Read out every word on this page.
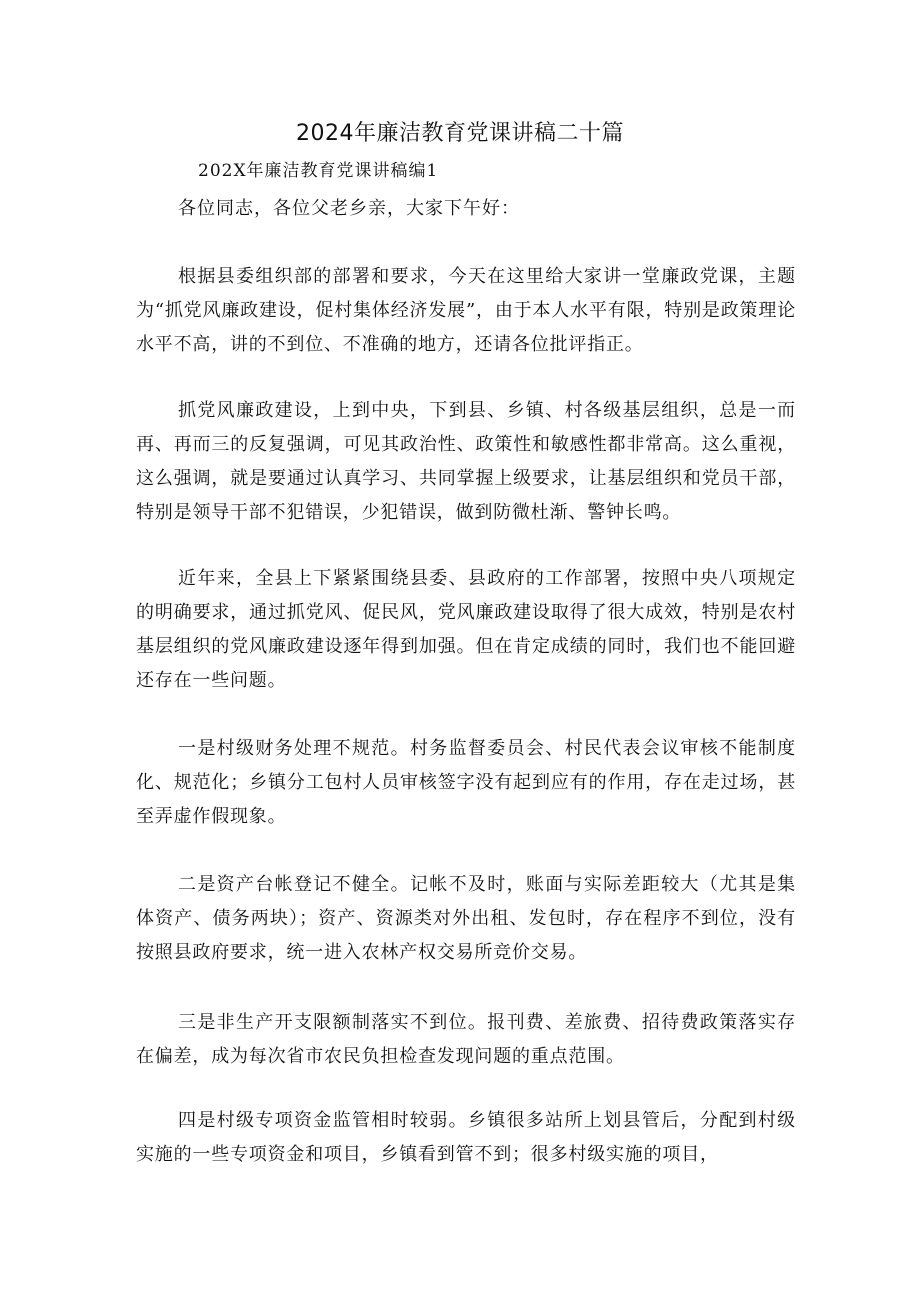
2024年廉洁教育党课讲稿二十篇
202X年廉洁教育党课讲稿编1
各位同志，各位父老乡亲，大家下午好：

根据县委组织部的部署和要求，今天在这里给大家讲一堂廉政党课，主题为“抓党风廉政建设，促村集体经济发展”，由于本人水平有限，特别是政策理论水平不高，讲的不到位、不准确的地方，还请各位批评指正。

抓党风廉政建设，上到中央，下到县、乡镇、村各级基层组织，总是一而再、再而三的反复强调，可见其政治性、政策性和敏感性都非常高。这么重视，这么强调，就是要通过认真学习、共同掌握上级要求，让基层组织和党员干部，特别是领导干部不犯错误，少犯错误，做到防微杜渐、警钟长鸣。

近年来，全县上下紧紧围绕县委、县政府的工作部署，按照中央八项规定的明确要求，通过抓党风、促民风，党风廉政建设取得了很大成效，特别是农村基层组织的党风廉政建设逐年得到加强。但在肯定成绩的同时，我们也不能回避还存在一些问题。

一是村级财务处理不规范。村务监督委员会、村民代表会议审核不能制度化、规范化；乡镇分工包村人员审核签字没有起到应有的作用，存在走过场，甚至弄虚作假现象。

二是资产台帐登记不健全。记帐不及时，账面与实际差距较大（尤其是集体资产、债务两块）；资产、资源类对外出租、发包时，存在程序不到位，没有按照县政府要求，统一进入农林产权交易所竞价交易。

三是非生产开支限额制落实不到位。报刊费、差旅费、招待费政策落实存在偏差，成为每次省市农民负担检查发现问题的重点范围。

四是村级专项资金监管相时较弱。乡镇很多站所上划县管后，分配到村级实施的一些专项资金和项目，乡镇看到管不到；很多村级实施的项目，
